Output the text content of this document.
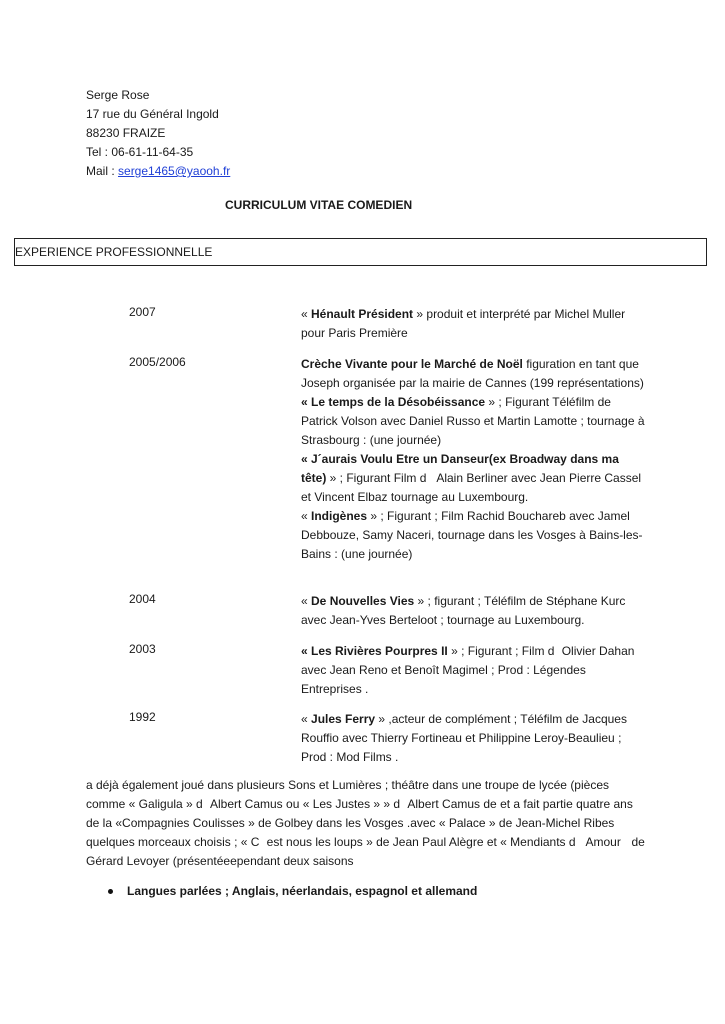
Serge Rose
17 rue du Général Ingold
88230 FRAIZE
Tel : 06-61-11-64-35
Mail : serge1465@yaooh.fr
CURRICULUM VITAE COMEDIEN
EXPERIENCE PROFESSIONNELLE
2007	« Hénault Président » produit et interprété par Michel Muller pour Paris Première

2005/2006	Crèche Vivante pour le Marché de Noël figuration en tant que Joseph organisée par la mairie de Cannes (199 représentations)

« Le temps de la Désobéissance » ; Figurant Téléfilm de Patrick Volson avec Daniel Russo et Martin Lamotte ; tournage à Strasbourg : (une journée)

« J´aurais Voulu Etre un Danseur(ex Broadway dans ma tête) » ; Figurant Film d Alain Berliner avec Jean Pierre Cassel et Vincent Elbaz tournage au Luxembourg.

« Indigènes » ; Figurant ; Film Rachid Bouchareb avec Jamel Debbouze, Samy Naceri, tournage dans les Vosges à Bains-les-Bains : (une journée)

2004	« De Nouvelles Vies » ; figurant ; Téléfilm de Stéphane Kurc avec Jean-Yves Berteloot ; tournage au Luxembourg.

2003	« Les Rivières Pourpres II » ; Figurant ; Film dOlivier Dahan avec Jean Reno et Benoît Magimel ; Prod : Légendes Entreprises .

1992	« Jules Ferry » ,acteur de complément ; Téléfilm de Jacques Rouffio avec Thierry Fortineau et Philippine Leroy-Beaulieu ; Prod : Mod Films .

a déjà également joué dans plusieurs Sons et Lumières ; théâtre dans une troupe de lycée (pièces comme « Galigula » dAlbert Camus ou « Les Justes » » dAlbert Camus de et a fait partie quatre ans de la «Compagnies Coulisses » de Golbey dans les Vosges .avec « Palace » de Jean-Michel Ribes quelques morceaux choisis ; « Cest nous les loups » de Jean Paul Alègre et « Mendiants d Amour de Gérard Levoyer (présentéeependant deux saisons
Langues parlées ; Anglais, néerlandais, espagnol et allemand
